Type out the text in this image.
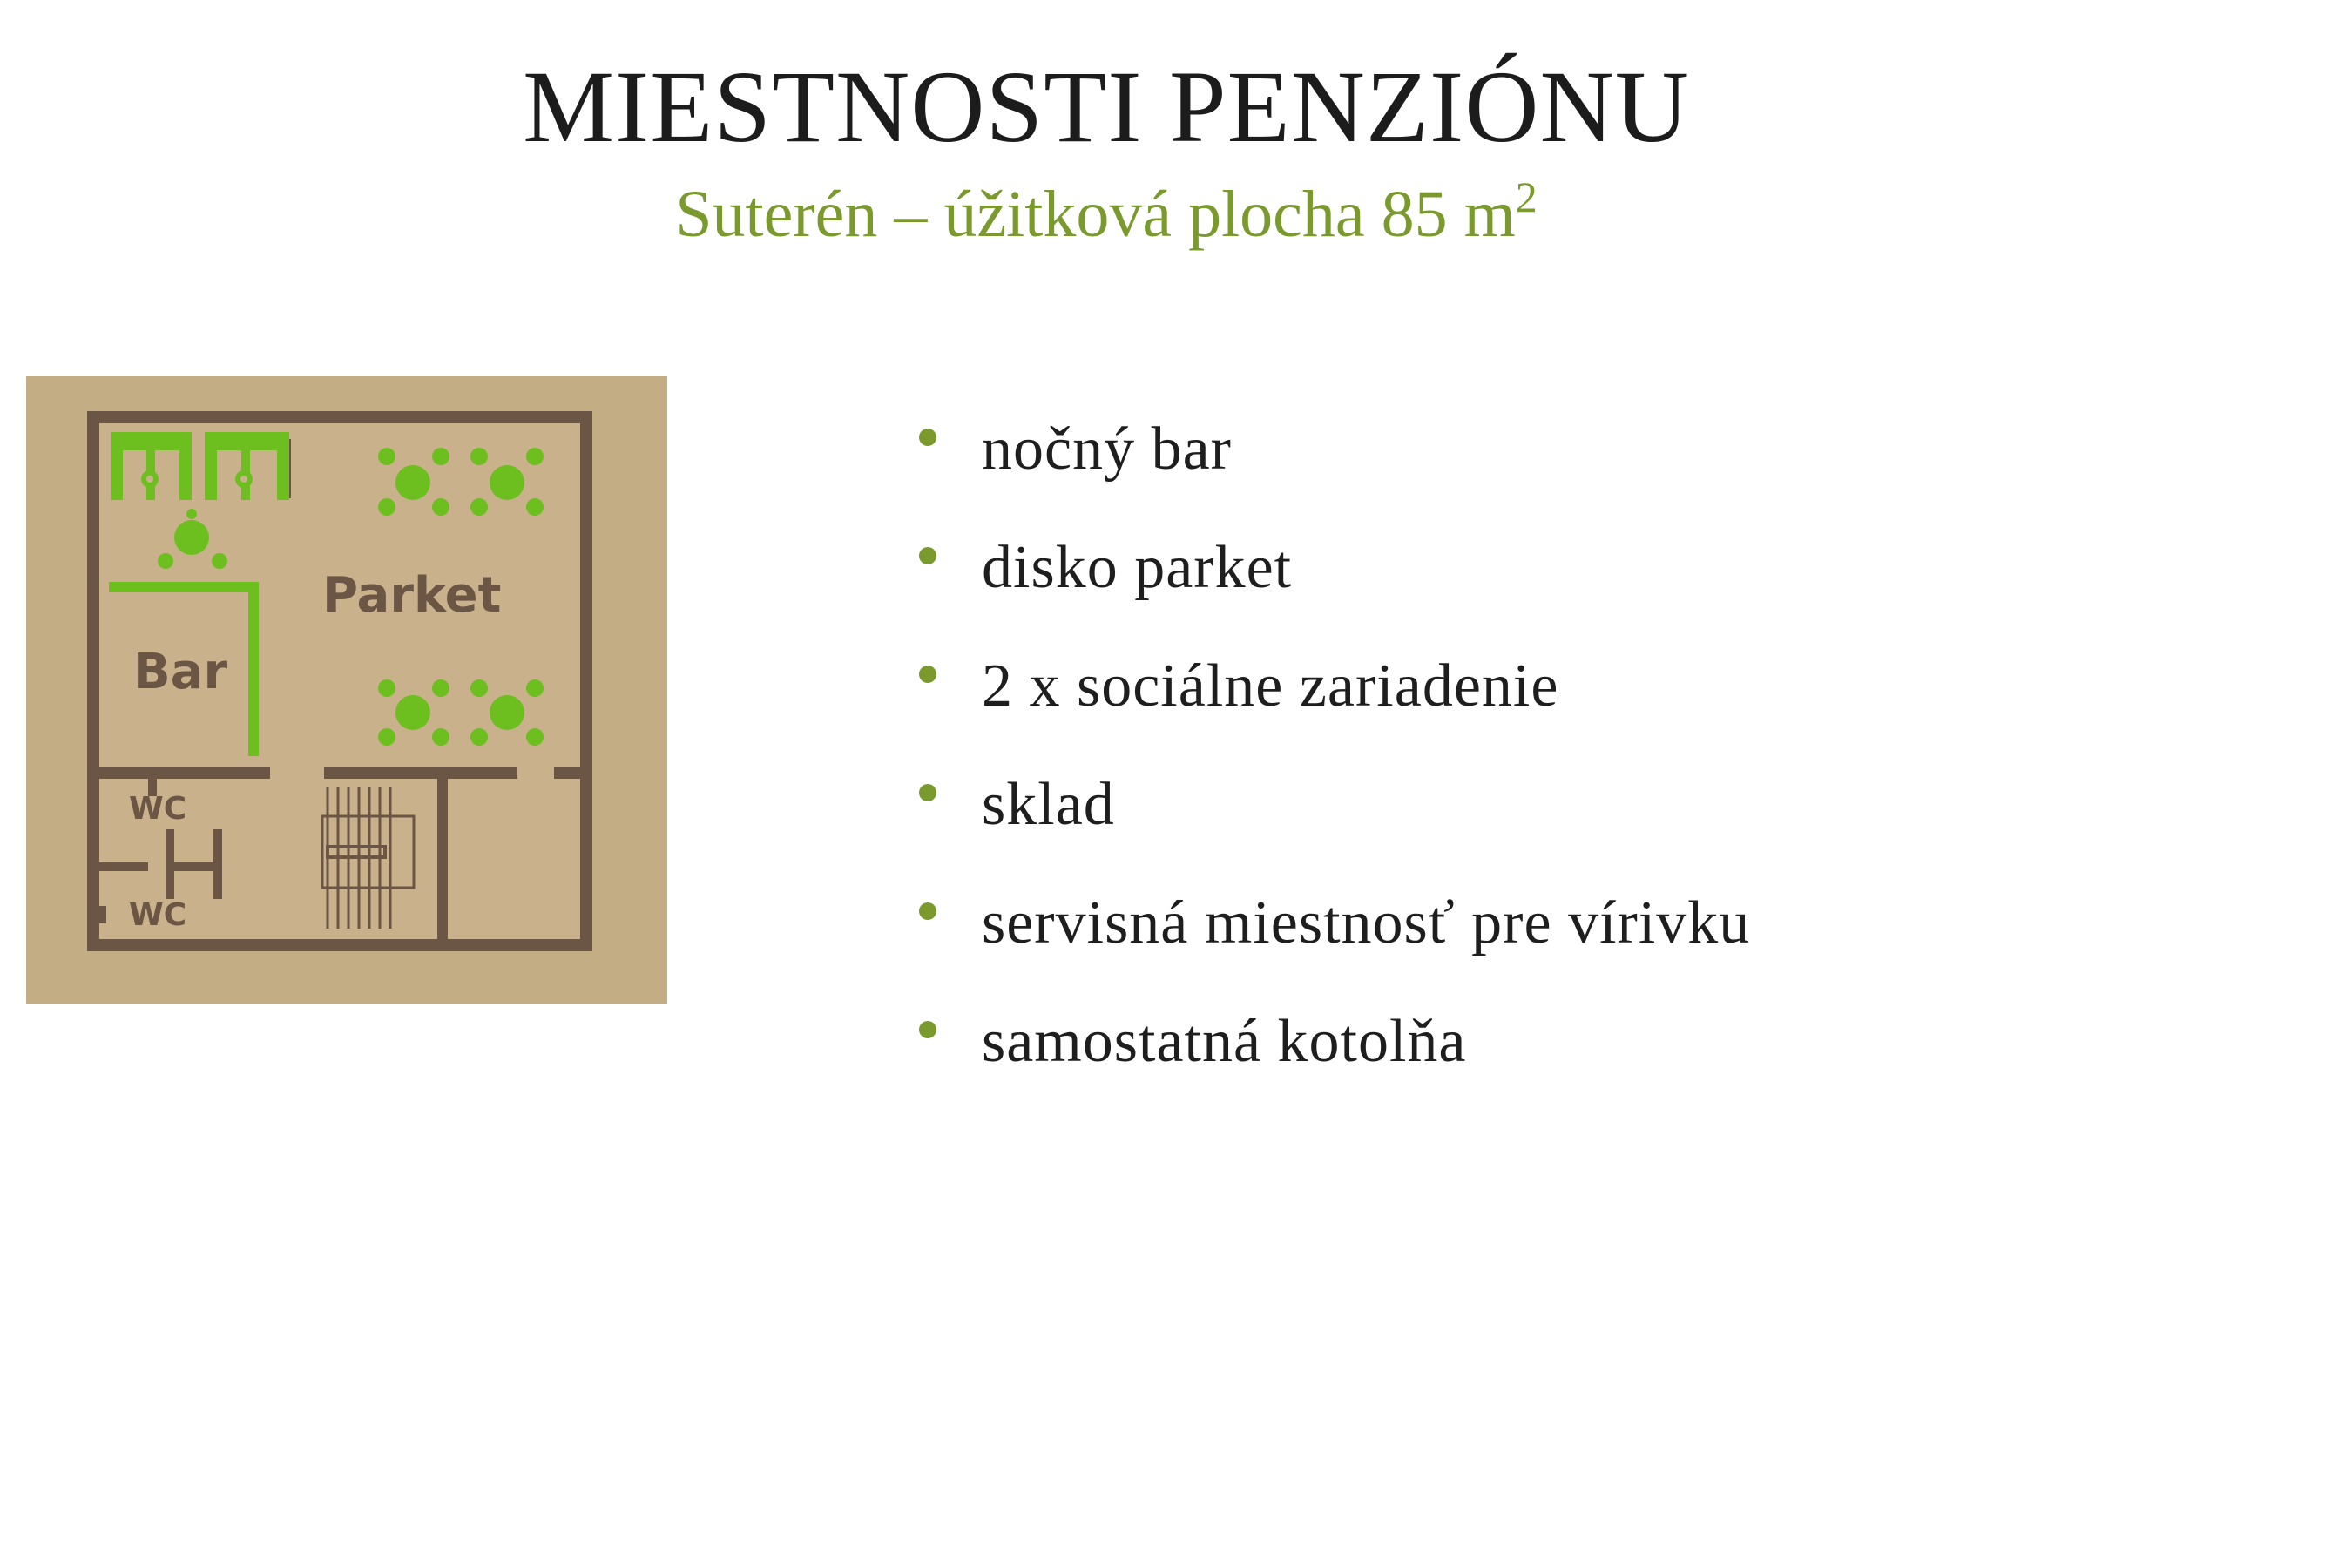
MIESTNOSTI PENZIÓNU
Suterén – úžitková plocha 85 $m^2$
Bar
Parket
WC
WC
nočný bar
disko parket
2 x sociálne zariadenie
sklad
servisná miestnosť pre vírivku
samostatná kotolňa
